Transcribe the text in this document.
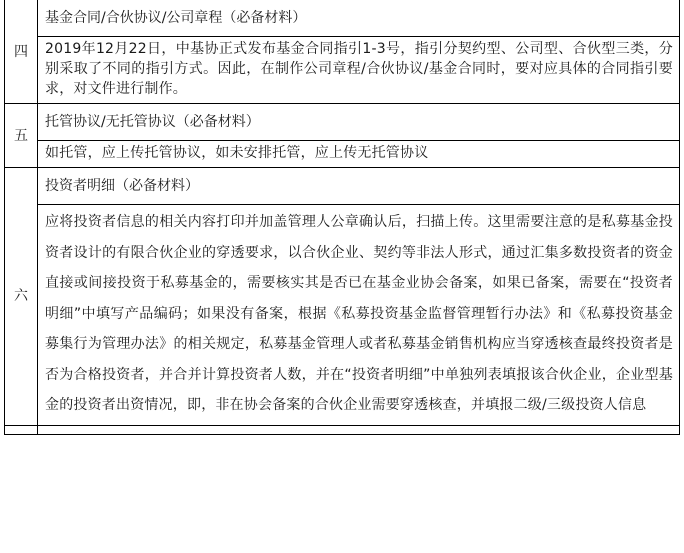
四	基金合同/合伙协议/公司章程（必备材料）
	2019年12月22日，中基协正式发布基金合同指引1-3号，指引分契约型、公司型、合伙型三类，分别采取了不同的指引方式。因此，在制作公司章程/合伙协议/基金合同时，要对应具体的合同指引要求，对文件进行制作。
五	托管协议/无托管协议（必备材料）
	如托管，应上传托管协议，如未安排托管，应上传无托管协议
六	投资者明细（必备材料）
	应将投资者信息的相关内容打印并加盖管理人公章确认后，扫描上传。这里需要注意的是私募基金投资者设计的有限合伙企业的穿透要求，以合伙企业、契约等非法人形式，通过汇集多数投资者的资金直接或间接投资于私募基金的，需要核实其是否已在基金业协会备案，如果已备案，需要在“投资者明细”中填写产品编码；如果没有备案，根据《私募投资基金监督管理暂行办法》和《私募投资基金募集行为管理办法》的相关规定，私募基金管理人或者私募基金销售机构应当穿透核查最终投资者是否为合格投资者，并合并计算投资者人数，并在“投资者明细”中单独列表填报该合伙企业，企业型基金的投资者出资情况，即，非在协会备案的合伙企业需要穿透核查，并填报二级/三级投资人信息
